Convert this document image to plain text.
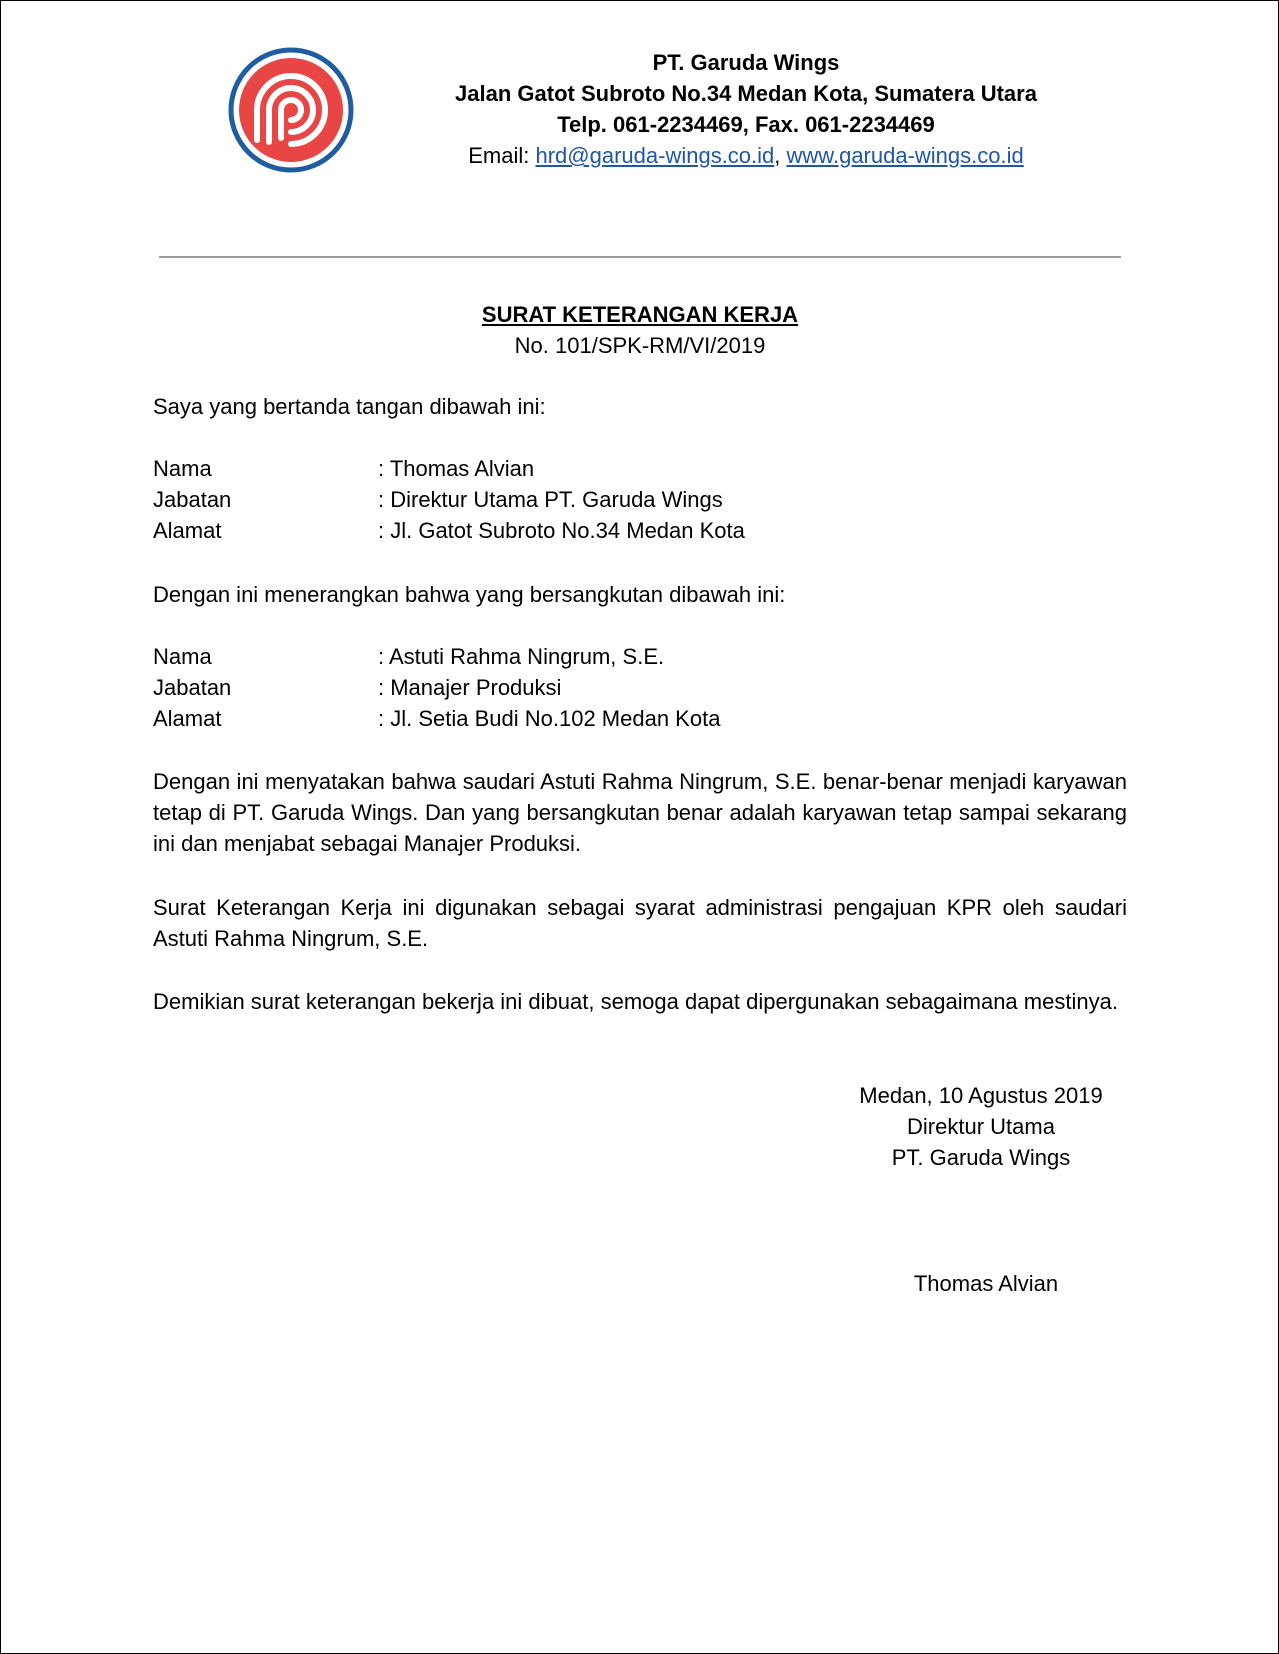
PT. Garuda Wings
Jalan Gatot Subroto No.34 Medan Kota, Sumatera Utara
Telp. 061-2234469, Fax. 061-2234469
Email: hrd@garuda-wings.co.id, www.garuda-wings.co.id
SURAT KETERANGAN KERJA
No. 101/SPK-RM/VI/2019
Saya yang bertanda tangan dibawah ini:
Nama	: Thomas Alvian
Jabatan	: Direktur Utama PT. Garuda Wings
Alamat	: Jl. Gatot Subroto No.34 Medan Kota
Dengan ini menerangkan bahwa yang bersangkutan dibawah ini:
Nama	: Astuti Rahma Ningrum, S.E.
Jabatan	: Manajer Produksi
Alamat	: Jl. Setia Budi No.102 Medan Kota
Dengan ini menyatakan bahwa saudari Astuti Rahma Ningrum, S.E. benar-benar menjadi karyawan tetap di PT. Garuda Wings. Dan yang bersangkutan benar adalah karyawan tetap sampai sekarang ini dan menjabat sebagai Manajer Produksi.
Surat Keterangan Kerja ini digunakan sebagai syarat administrasi pengajuan KPR oleh saudari Astuti Rahma Ningrum, S.E.
Demikian surat keterangan bekerja ini dibuat, semoga dapat dipergunakan sebagaimana mestinya.
Medan, 10 Agustus 2019
Direktur Utama
PT. Garuda Wings
Thomas Alvian
